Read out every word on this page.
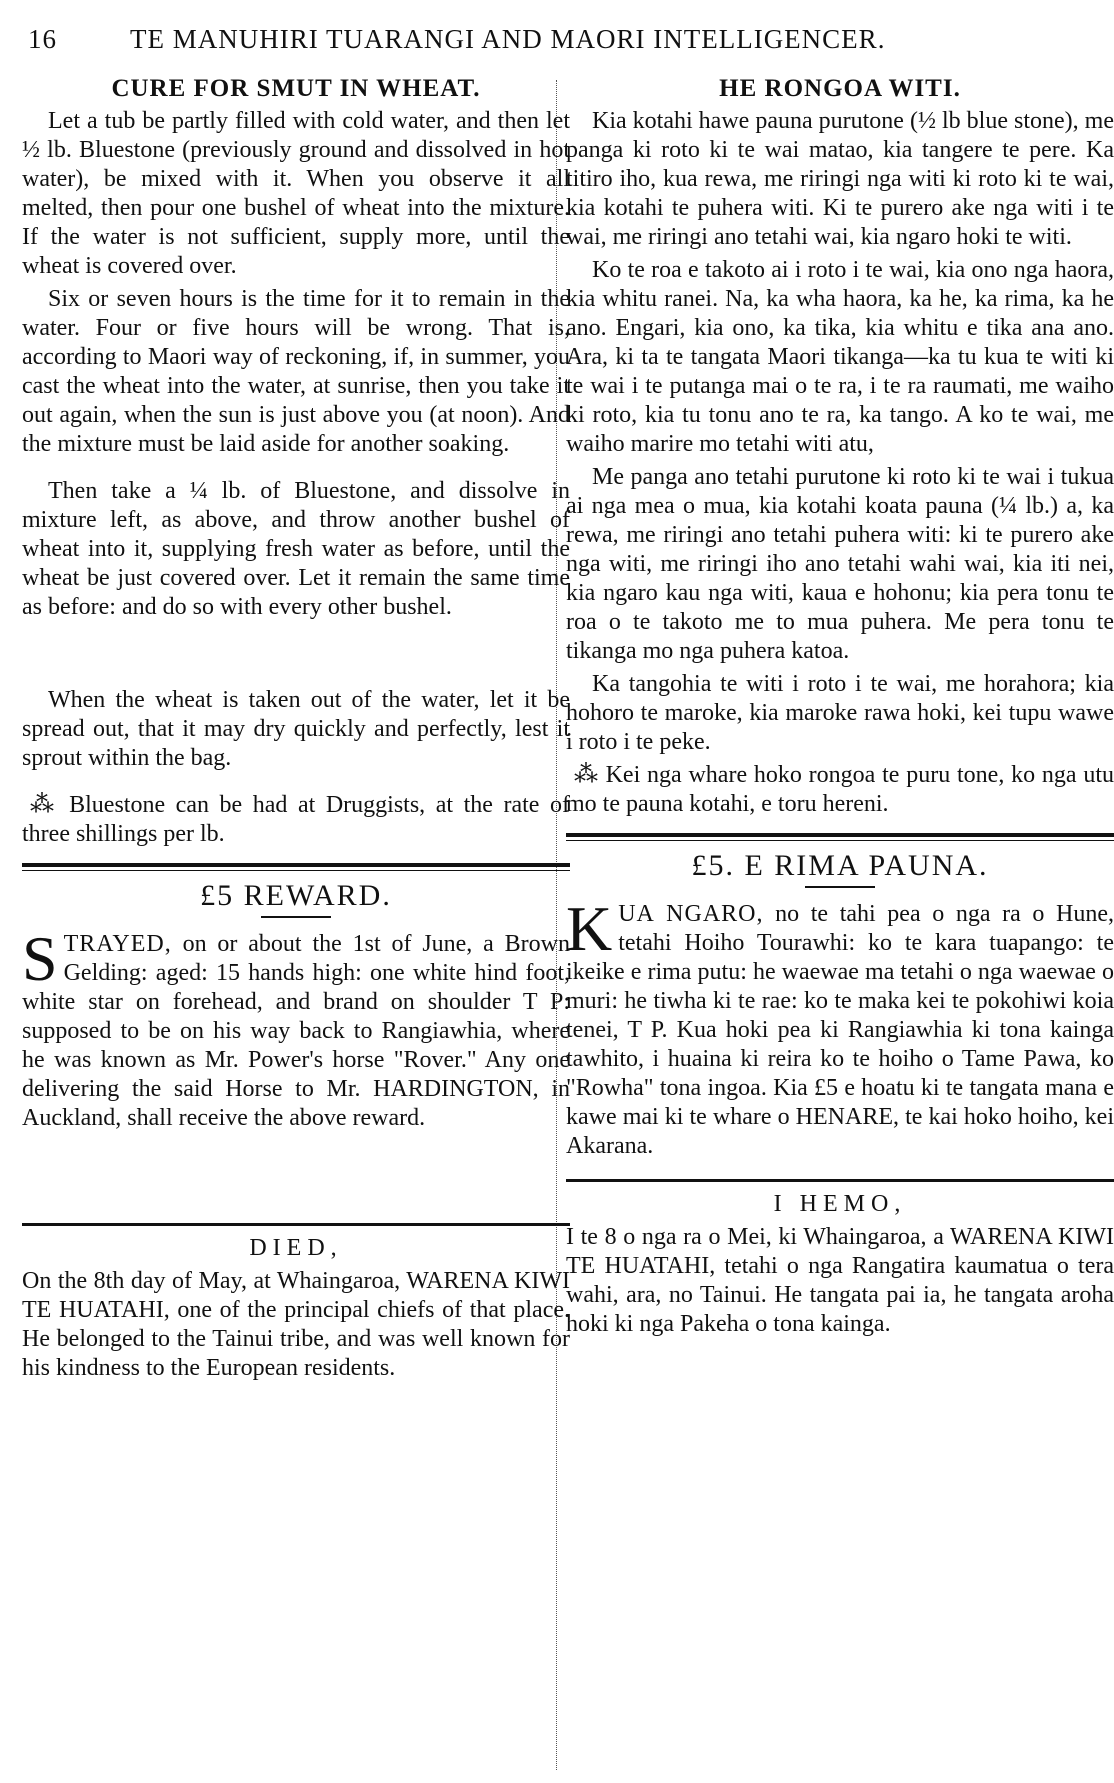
16	TE MANUHIRI TUARANGI AND MAORI INTELLIGENCER.
CURE FOR SMUT IN WHEAT.

Let a tub be partly filled with cold water, and then let ½ lb. Bluestone (previously ground and dissolved in hot water), be mixed with it. When you observe it all melted, then pour one bushel of wheat into the mixture. If the water is not sufficient, supply more, until the wheat is covered over.

Six or seven hours is the time for it to remain in the water. Four or five hours will be wrong. That is, according to Maori way of reckoning, if, in summer, you cast the wheat into the water, at sunrise, then you take it out again, when the sun is just above you (at noon). And the mixture must be laid aside for another soaking.

Then take a ¼ lb. of Bluestone, and dissolve in mixture left, as above, and throw another bushel of wheat into it, supplying fresh water as before, until the wheat be just covered over. Let it remain the same time as before: and do so with every other bushel.

When the wheat is taken out of the water, let it be spread out, that it may dry quickly and perfectly, lest it sprout within the bag.

⁂ Bluestone can be had at Druggists, at the rate of three shillings per lb.

£5 REWARD.
STRAYED, on or about the 1st of June, a Brown Gelding: aged: 15 hands high: one white hind foot, white star on forehead, and brand on shoulder T P: supposed to be on his way back to Rangiawhia, where he was known as Mr. Power's horse "Rover." Any one delivering the said Horse to Mr. HARDINGTON, in Auckland, shall receive the above reward.
DIED,

On the 8th day of May, at Whaingaroa, WARENA KIWI TE HUATAHI, one of the principal chiefs of that place. He belonged to the Tainui tribe, and was well known for his kindness to the European residents.

HE RONGOA WITI.

Kia kotahi hawe pauna purutone (½ lb blue stone), me panga ki roto ki te wai matao, kia tangere te pere. Ka titiro iho, kua rewa, me riringi nga witi ki roto ki te wai, kia kotahi te puhera witi. Ki te purero ake nga witi i te wai, me riringi ano tetahi wai, kia ngaro hoki te witi.

Ko te roa e takoto ai i roto i te wai, kia ono nga haora, kia whitu ranei. Na, ka wha haora, ka he, ka rima, ka he ano. Engari, kia ono, ka tika, kia whitu e tika ana ano. Ara, ki ta te tangata Maori tikanga—ka tu kua te witi ki te wai i te putanga mai o te ra, i te ra raumati, me waiho ki roto, kia tu tonu ano te ra, ka tango. A ko te wai, me waiho marire mo tetahi witi atu,

Me panga ano tetahi purutone ki roto ki te wai i tukua ai nga mea o mua, kia kotahi koata pauna (¼ lb.) a, ka rewa, me riringi ano tetahi puhera witi: ki te purero ake nga witi, me riringi iho ano tetahi wahi wai, kia iti nei, kia ngaro kau nga witi, kaua e hohonu; kia pera tonu te roa o te takoto me to mua puhera. Me pera tonu te tikanga mo nga puhera katoa.

Ka tangohia te witi i roto i te wai, me horahora; kia hohoro te maroke, kia maroke rawa hoki, kei tupu wawe i roto i te peke.

⁂ Kei nga whare hoko rongoa te puru tone, ko nga utu mo te pauna kotahi, e toru hereni.

£5. E RIMA PAUNA.
KUA NGARO, no te tahi pea o nga ra o Hune, tetahi Hoiho Tourawhi: ko te kara tuapango: te ikeike e rima putu: he waewae ma tetahi o nga waewae o muri: he tiwha ki te rae: ko te maka kei te pokohiwi koia tenei, T P. Kua hoki pea ki Rangiawhia ki tona kainga tawhito, i huaina ki reira ko te hoiho o Tame Pawa, ko "Rowha" tona ingoa. Kia £5 e hoatu ki te tangata mana e kawe mai ki te whare o HENARE, te kai hoko hoiho, kei Akarana.
I HEMO,

I te 8 o nga ra o Mei, ki Whaingaroa, a WARENA KIWI TE HUATAHI, tetahi o nga Rangatira kaumatua o tera wahi, ara, no Tainui. He tangata pai ia, he tangata aroha hoki ki nga Pakeha o tona kainga.
